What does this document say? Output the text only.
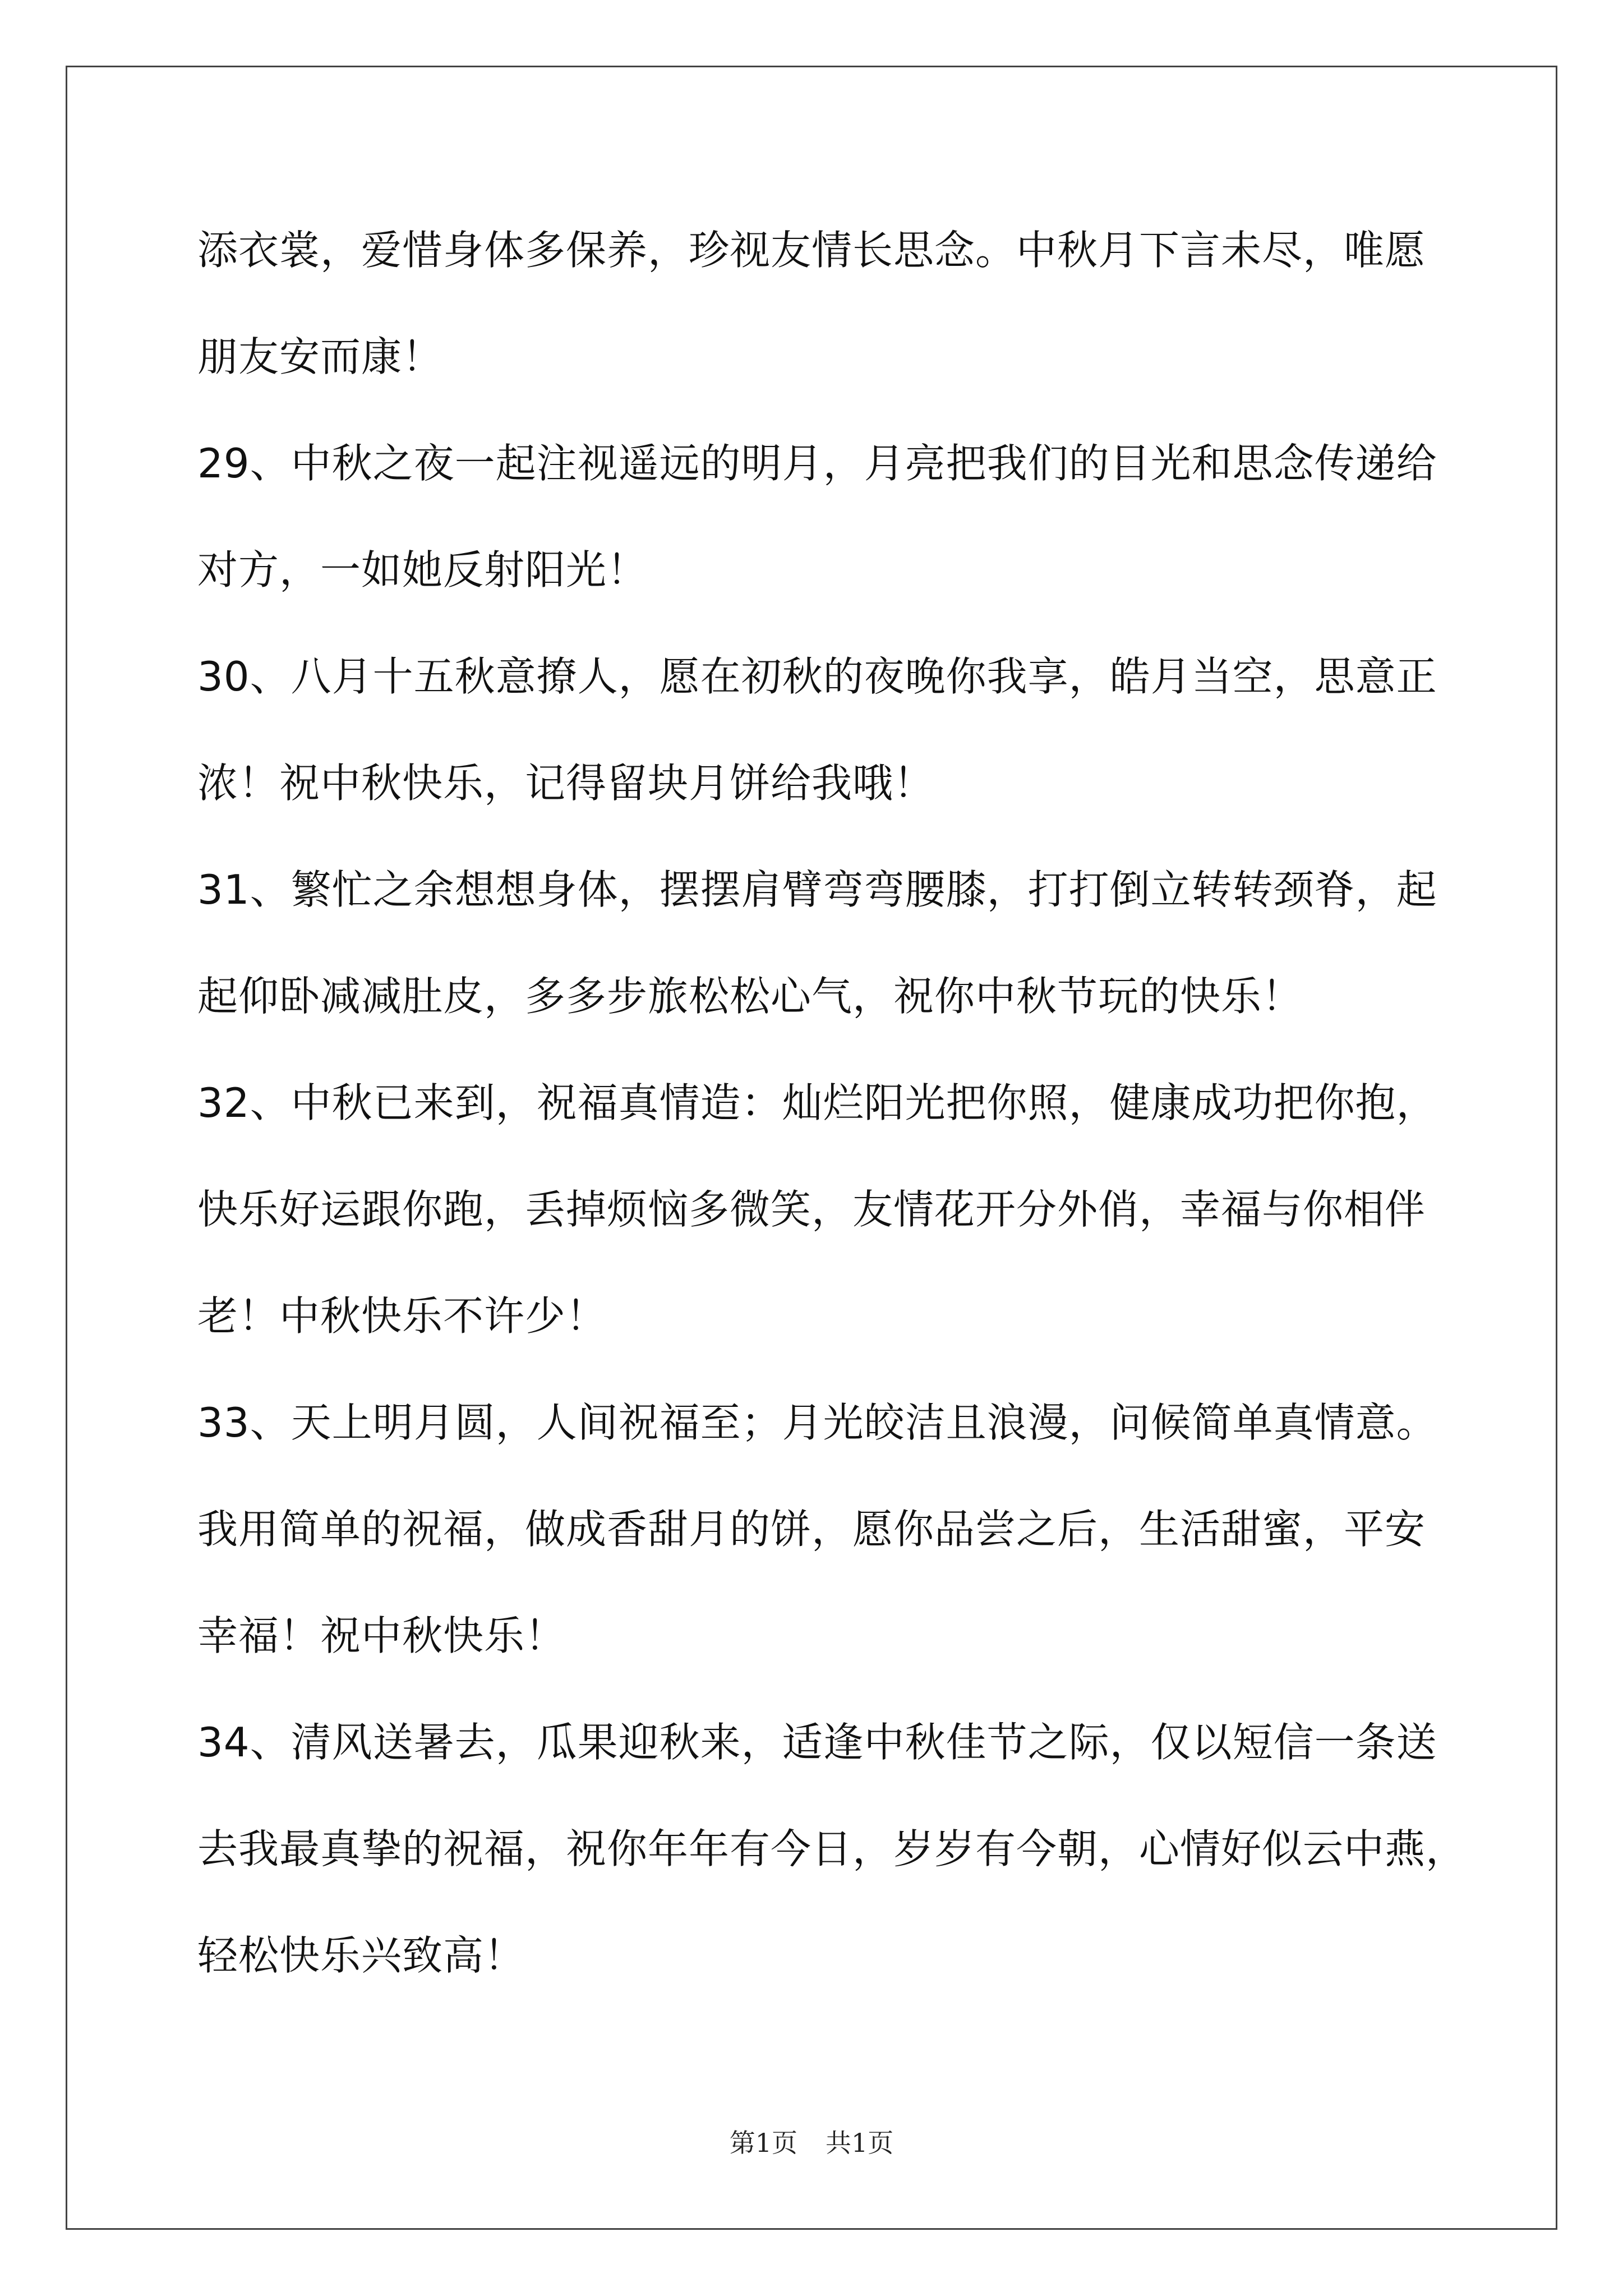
添衣裳，爱惜身体多保养，珍视友情长思念。中秋月下言未尽，唯愿
朋友安而康！
29、中秋之夜一起注视遥远的明月，月亮把我们的目光和思念传递给
对方，一如她反射阳光！
30、八月十五秋意撩人，愿在初秋的夜晚你我享，皓月当空，思意正
浓！祝中秋快乐，记得留块月饼给我哦！
31、繁忙之余想想身体，摆摆肩臂弯弯腰膝，打打倒立转转颈脊，起
起仰卧减减肚皮，多多步旅松松心气，祝你中秋节玩的快乐！
32、中秋已来到，祝福真情造：灿烂阳光把你照，健康成功把你抱，
快乐好运跟你跑，丢掉烦恼多微笑，友情花开分外俏，幸福与你相伴
老！中秋快乐不许少！
33、天上明月圆，人间祝福至；月光皎洁且浪漫，问候简单真情意。
我用简单的祝福，做成香甜月的饼，愿你品尝之后，生活甜蜜，平安
幸福！祝中秋快乐！
34、清风送暑去，瓜果迎秋来，适逢中秋佳节之际，仅以短信一条送
去我最真挚的祝福，祝你年年有今日，岁岁有今朝，心情好似云中燕，
轻松快乐兴致高！
第1页 共1页
